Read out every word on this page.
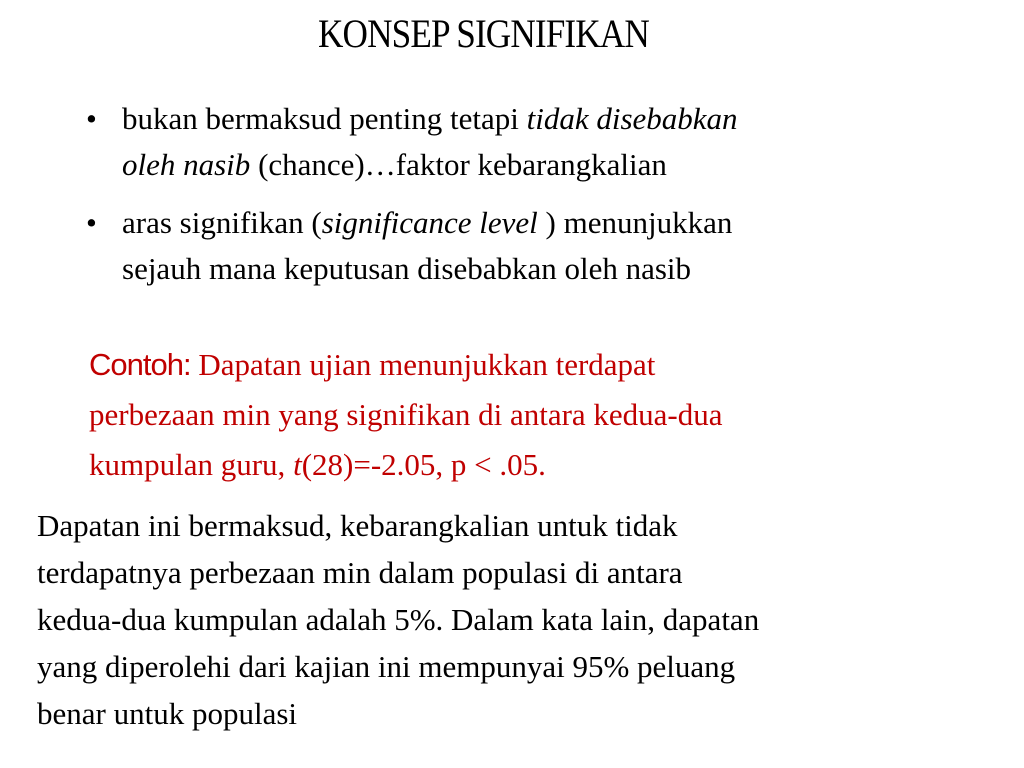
KONSEP SIGNIFIKAN
• bukan bermaksud penting tetapi tidak disebabkan
oleh nasib (chance)…faktor kebarangkalian
• aras signifikan (significance level ) menunjukkan
sejauh mana keputusan disebabkan oleh nasib
Contoh: Dapatan ujian menunjukkan terdapat
perbezaan min yang signifikan di antara kedua-dua
kumpulan guru, t(28)=-2.05, p < .05.
Dapatan ini bermaksud, kebarangkalian untuk tidak
terdapatnya perbezaan min dalam populasi di antara
kedua-dua kumpulan adalah 5%. Dalam kata lain, dapatan
yang diperolehi dari kajian ini mempunyai 95% peluang
benar untuk populasi
